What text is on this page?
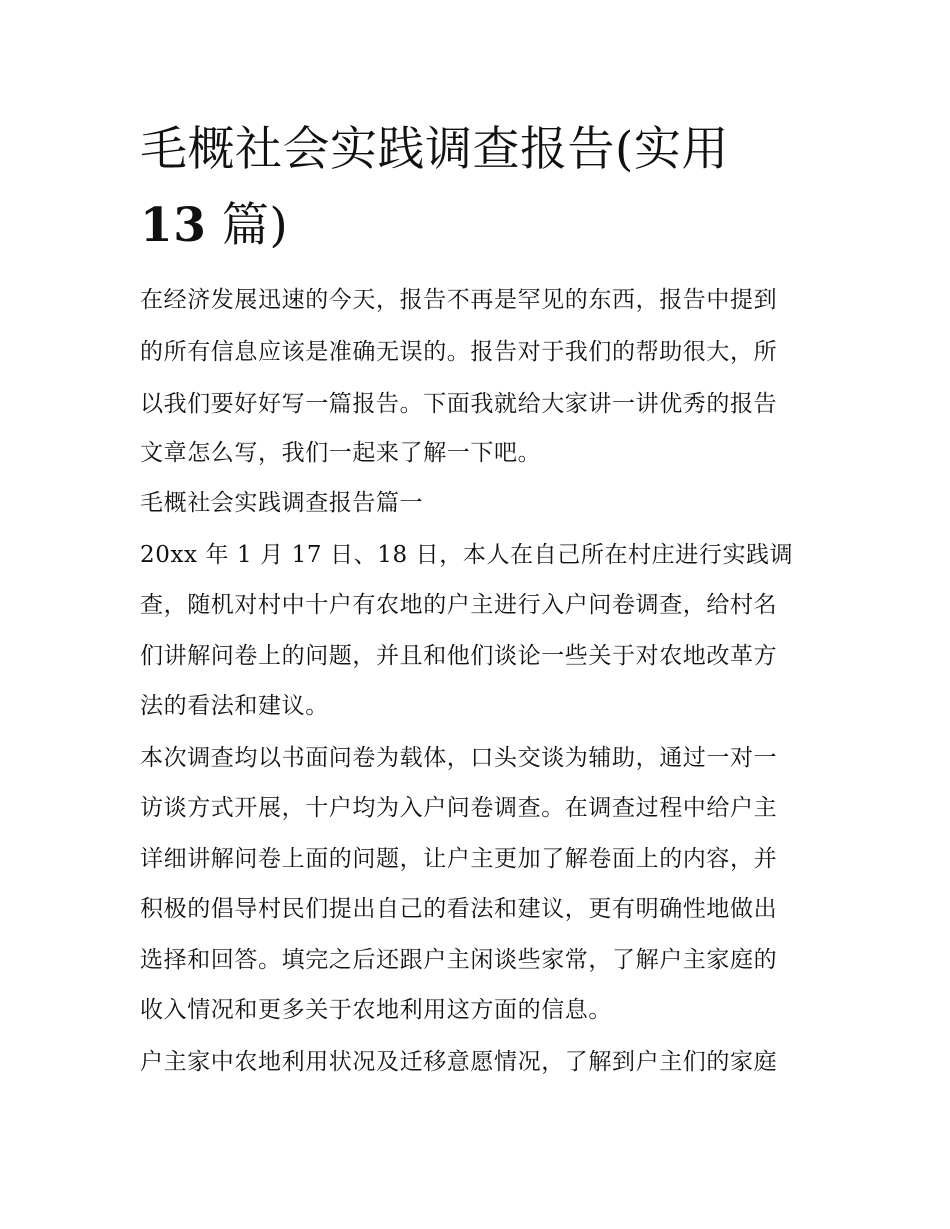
毛概社会实践调查报告(实用
13 篇)
在经济发展迅速的今天，报告不再是罕见的东西，报告中提到
的所有信息应该是准确无误的。报告对于我们的帮助很大，所
以我们要好好写一篇报告。下面我就给大家讲一讲优秀的报告
文章怎么写，我们一起来了解一下吧。
毛概社会实践调查报告篇一
20xx 年 1 月 17 日、18 日，本人在自己所在村庄进行实践调
查，随机对村中十户有农地的户主进行入户问卷调查，给村名
们讲解问卷上的问题，并且和他们谈论一些关于对农地改革方
法的看法和建议。
本次调查均以书面问卷为载体，口头交谈为辅助，通过一对一
访谈方式开展，十户均为入户问卷调查。在调查过程中给户主
详细讲解问卷上面的问题，让户主更加了解卷面上的内容，并
积极的倡导村民们提出自己的看法和建议，更有明确性地做出
选择和回答。填完之后还跟户主闲谈些家常，了解户主家庭的
收入情况和更多关于农地利用这方面的信息。
户主家中农地利用状况及迁移意愿情况，了解到户主们的家庭
